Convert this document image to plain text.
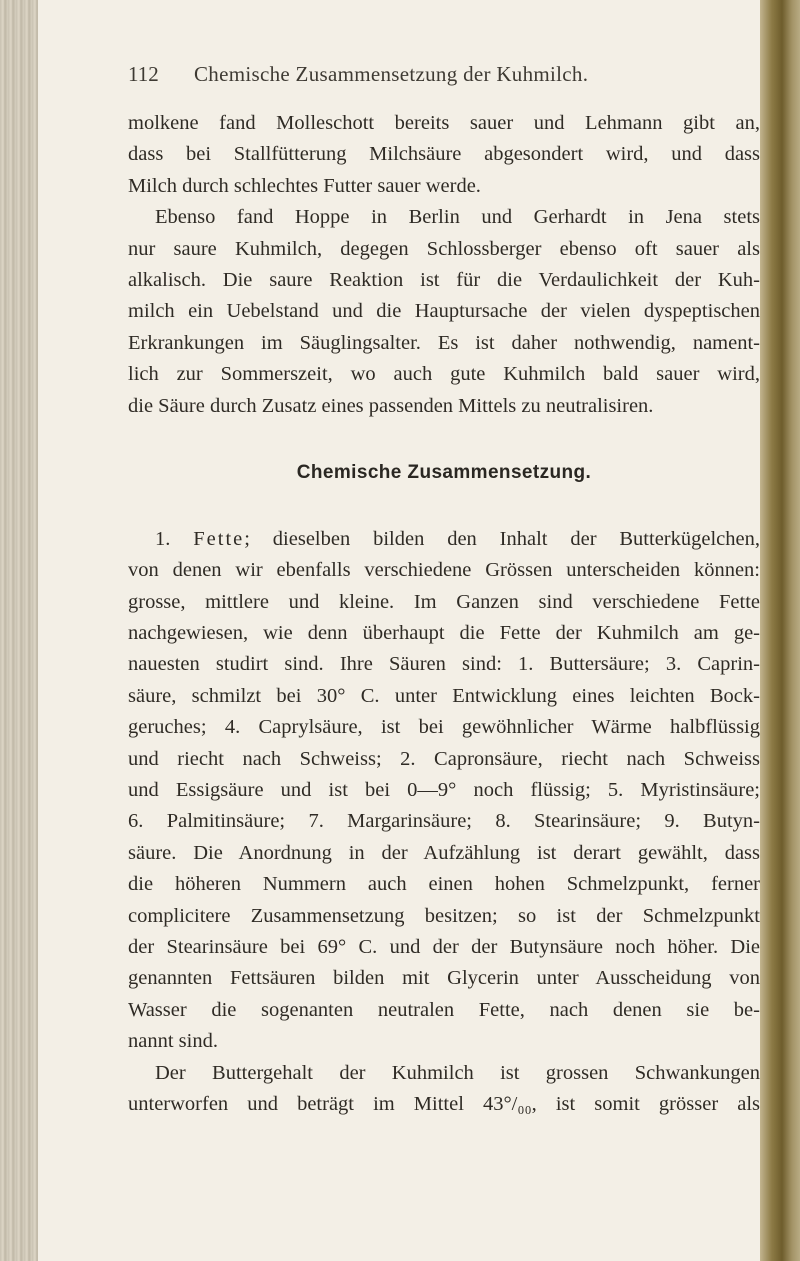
112 Chemische Zusammensetzung der Kuhmilch.
molkene fand Molleschott bereits sauer und Lehmann gibt an,
dass bei Stallfütterung Milchsäure abgesondert wird, und dass
Milch durch schlechtes Futter sauer werde.
Ebenso fand Hoppe in Berlin und Gerhardt in Jena stets
nur saure Kuhmilch, degegen Schlossberger ebenso oft sauer als
alkalisch. Die saure Reaktion ist für die Verdaulichkeit der Kuh-
milch ein Uebelstand und die Hauptursache der vielen dyspeptischen
Erkrankungen im Säuglingsalter. Es ist daher nothwendig, nament-
lich zur Sommerszeit, wo auch gute Kuhmilch bald sauer wird,
die Säure durch Zusatz eines passenden Mittels zu neutralisiren.
Chemische Zusammensetzung.
1. Fette; dieselben bilden den Inhalt der Butterkügelchen,
von denen wir ebenfalls verschiedene Grössen unterscheiden können:
grosse, mittlere und kleine. Im Ganzen sind verschiedene Fette
nachgewiesen, wie denn überhaupt die Fette der Kuhmilch am ge-
nauesten studirt sind. Ihre Säuren sind: 1. Buttersäure; 3. Caprin-
säure, schmilzt bei 30° C. unter Entwicklung eines leichten Bock-
geruches; 4. Caprylsäure, ist bei gewöhnlicher Wärme halbflüssig
und riecht nach Schweiss; 2. Capronsäure, riecht nach Schweiss
und Essigsäure und ist bei 0—9° noch flüssig; 5. Myristinsäure;
6. Palmitinsäure; 7. Margarinsäure; 8. Stearinsäure; 9. Butyn-
säure. Die Anordnung in der Aufzählung ist derart gewählt, dass
die höheren Nummern auch einen hohen Schmelzpunkt, ferner
complicitere Zusammensetzung besitzen; so ist der Schmelzpunkt
der Stearinsäure bei 69° C. und der der Butynsäure noch höher. Die
genannten Fettsäuren bilden mit Glycerin unter Ausscheidung von
Wasser die sogenanten neutralen Fette, nach denen sie be-
nannt sind.
Der Buttergehalt der Kuhmilch ist grossen Schwankungen
unterworfen und beträgt im Mittel 43°/₀₀, ist somit grösser als
